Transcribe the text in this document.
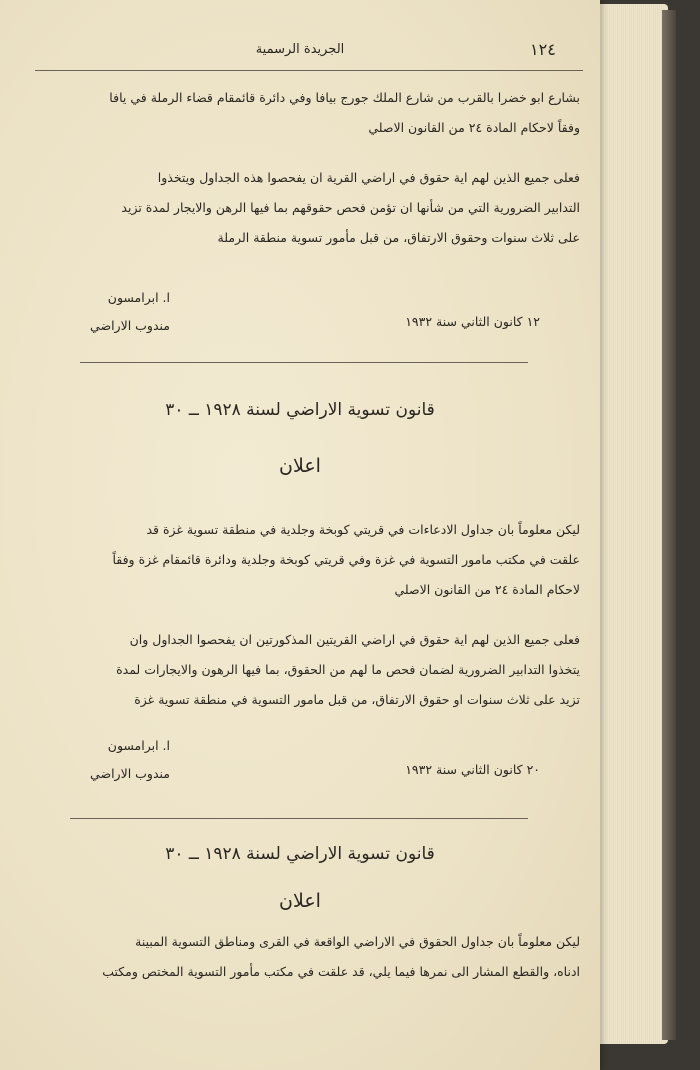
الجريدة الرسمية	١٢٤
بشارع ابو خضرا بالقرب من شارع الملك جورج بيافا وفي دائرة قائمقام قضاء الرملة في يافا
وفقاً لاحكام المادة ٢٤ من القانون الاصلي
فعلى جميع الذين لهم اية حقوق في اراضي القرية ان يفحصوا هذه الجداول ويتخذوا
التدابير الضرورية التي من شأنها ان تؤمن فحص حقوقهم بما فيها الرهن والايجار لمدة تزيد
على ثلاث سنوات وحقوق الارتفاق، من قبل مأمور تسوية منطقة الرملة
ا. ابرامسون
مندوب الاراضي	١٢ كانون الثاني سنة ١٩٣٢
قانون تسوية الاراضي لسنة ١٩٢٨ ــ ٣٠
اعلان
ليكن معلوماً بان جداول الادعاءات في قريتي كوبخة وجلدية في منطقة تسوية غزة قد
علقت في مكتب مامور التسوية في غزة وفي قريتي كوبخة وجلدية ودائرة قائمقام غزة وفقاً
لاحكام المادة ٢٤ من القانون الاصلي
فعلى جميع الذين لهم اية حقوق في اراضي القريتين المذكورتين ان يفحصوا الجداول وان
يتخذوا التدابير الضرورية لضمان فحص ما لهم من الحقوق، بما فيها الرهون والايجارات لمدة
تزيد على ثلاث سنوات او حقوق الارتفاق، من قبل مامور التسوية في منطقة تسوية غزة
ا. ابرامسون
مندوب الاراضي	٢٠ كانون الثاني سنة ١٩٣٢
قانون تسوية الاراضي لسنة ١٩٢٨ ــ ٣٠
اعلان
ليكن معلوماً بان جداول الحقوق في الاراضي الواقعة في القرى ومناطق التسوية المبينة
ادناه، والقطع المشار الى نمرها فيما يلي، قد علقت في مكتب مأمور التسوية المختص ومكتب
